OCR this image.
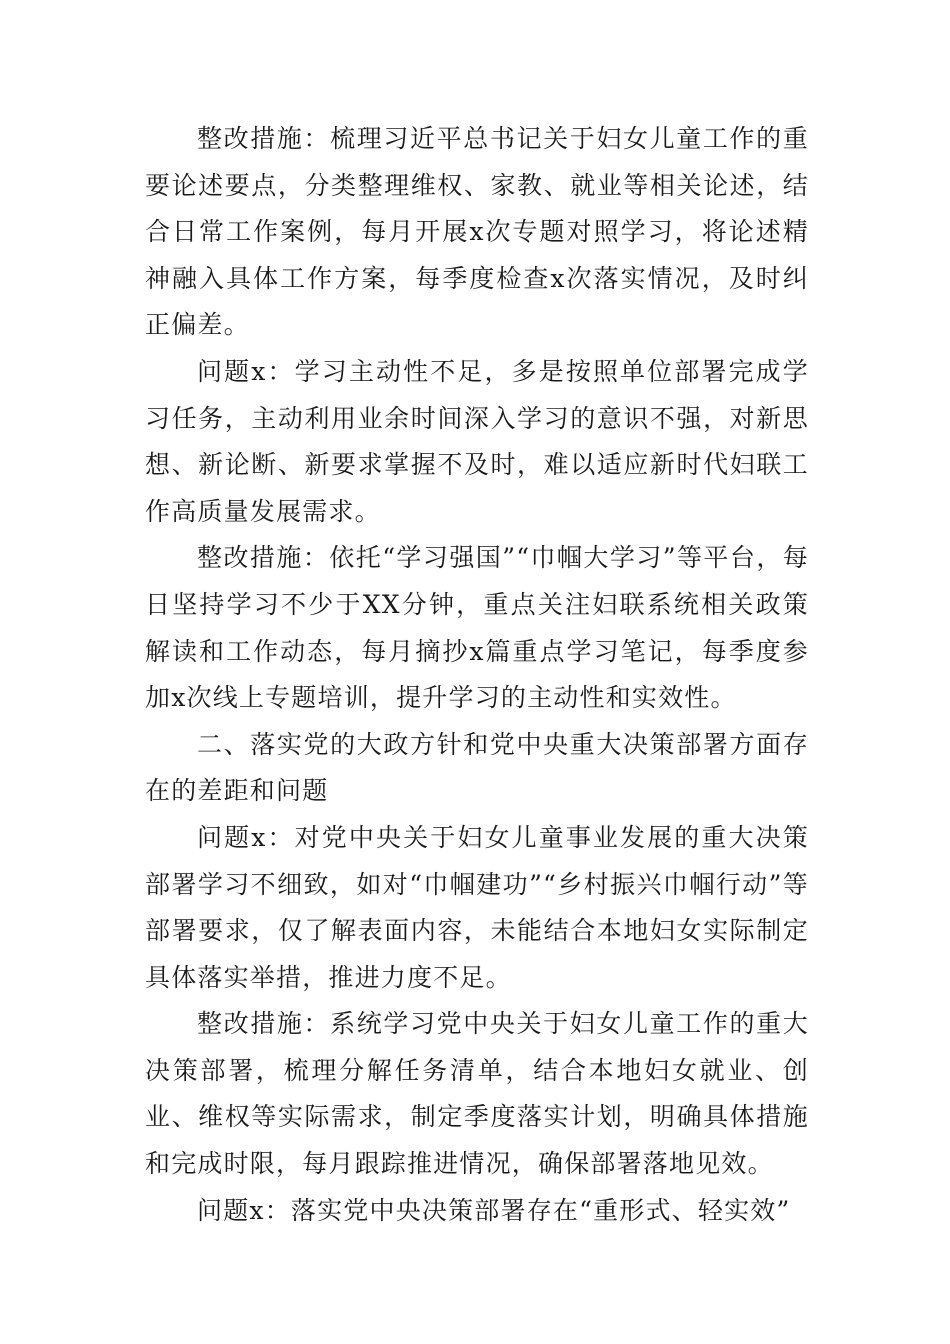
整改措施：梳理习近平总书记关于妇女儿童工作的重要论述要点，分类整理维权、家教、就业等相关论述，结合日常工作案例，每月开展x次专题对照学习，将论述精神融入具体工作方案，每季度检查x次落实情况，及时纠正偏差。

问题x：学习主动性不足，多是按照单位部署完成学习任务，主动利用业余时间深入学习的意识不强，对新思想、新论断、新要求掌握不及时，难以适应新时代妇联工作高质量发展需求。

整改措施：依托“学习强国”“巾帼大学习”等平台，每日坚持学习不少于XX分钟，重点关注妇联系统相关政策解读和工作动态，每月摘抄x篇重点学习笔记，每季度参加x次线上专题培训，提升学习的主动性和实效性。

二、落实党的大政方针和党中央重大决策部署方面存在的差距和问题

问题x：对党中央关于妇女儿童事业发展的重大决策部署学习不细致，如对“巾帼建功”“乡村振兴巾帼行动”等部署要求，仅了解表面内容，未能结合本地妇女实际制定具体落实举措，推进力度不足。

整改措施：系统学习党中央关于妇女儿童工作的重大决策部署，梳理分解任务清单，结合本地妇女就业、创业、维权等实际需求，制定季度落实计划，明确具体措施和完成时限，每月跟踪推进情况，确保部署落地见效。

问题x：落实党中央决策部署存在“重形式、轻实效”
